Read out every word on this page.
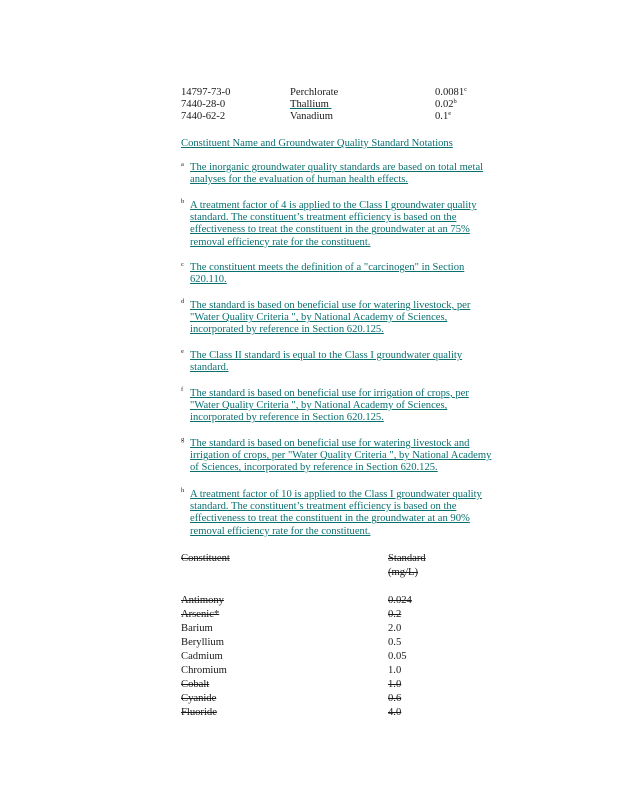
14797-73-0	Perchlorate	0.0081$^c$
7440-28-0	Thallium	0.02$^b$
7440-62-2	Vanadium	0.1e
Constituent Name and Groundwater Quality Standard Notations
a The inorganic groundwater quality standards are based on total metal
analyses for the evaluation of human health effects.
b A treatment factor of 4 is applied to the Class I groundwater quality
standard. The constituent’s treatment efficiency is based on the
effectiveness to treat the constituent in the groundwater at an 75%
removal efficiency rate for the constituent.
c The constituent meets the definition of a "carcinogen" in Section
620.110.
d The standard is based on beneficial use for watering livestock, per
"Water Quality Criteria ", by National Academy of Sciences,
incorporated by reference in Section 620.125.
e The Class II standard is equal to the Class I groundwater quality
standard.
f The standard is based on beneficial use for irrigation of crops, per
"Water Quality Criteria ", by National Academy of Sciences,
incorporated by reference in Section 620.125.
g The standard is based on beneficial use for watering livestock and
irrigation of crops, per "Water Quality Criteria ", by National Academy
of Sciences, incorporated by reference in Section 620.125.
h A treatment factor of 10 is applied to the Class I groundwater quality
standard. The constituent’s treatment efficiency is based on the
effectiveness to treat the constituent in the groundwater at an 90%
removal efficiency rate for the constituent.
Constituent	Standard
(mg/L)
Antimony	0.024
Arsenic*	0.2
Barium	2.0
Beryllium	0.5
Cadmium	0.05
Chromium	1.0
Cobalt	1.0
Cyanide	0.6
Fluoride	4.0
